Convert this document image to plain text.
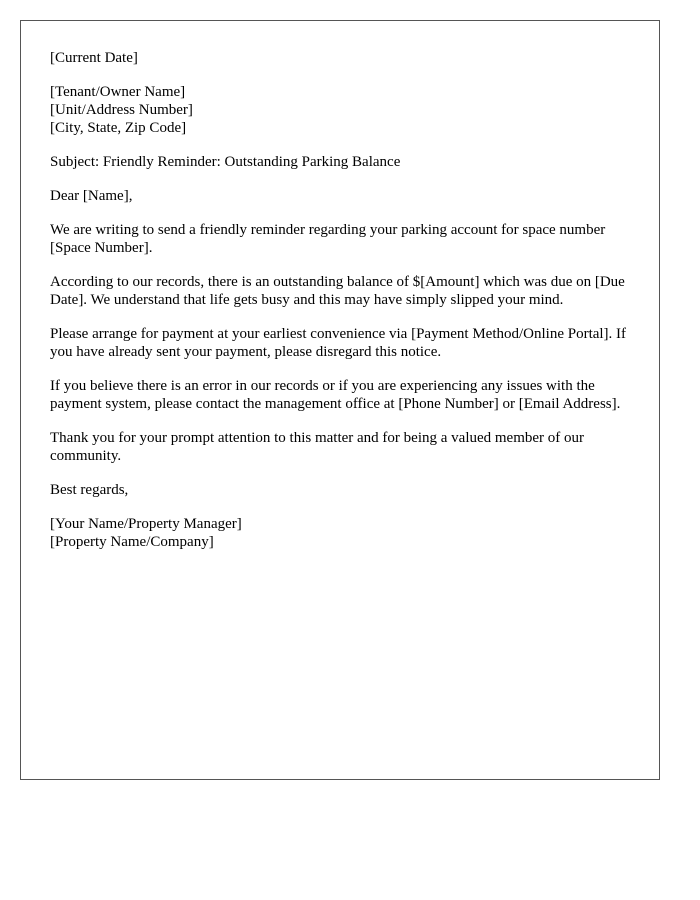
[Current Date]
[Tenant/Owner Name]
[Unit/Address Number]
[City, State, Zip Code]
Subject: Friendly Reminder: Outstanding Parking Balance
Dear [Name],
We are writing to send a friendly reminder regarding your parking account for space number [Space Number].
According to our records, there is an outstanding balance of $[Amount] which was due on [Due Date]. We understand that life gets busy and this may have simply slipped your mind.
Please arrange for payment at your earliest convenience via [Payment Method/Online Portal]. If you have already sent your payment, please disregard this notice.
If you believe there is an error in our records or if you are experiencing any issues with the payment system, please contact the management office at [Phone Number] or [Email Address].
Thank you for your prompt attention to this matter and for being a valued member of our community.
Best regards,
[Your Name/Property Manager]
[Property Name/Company]
